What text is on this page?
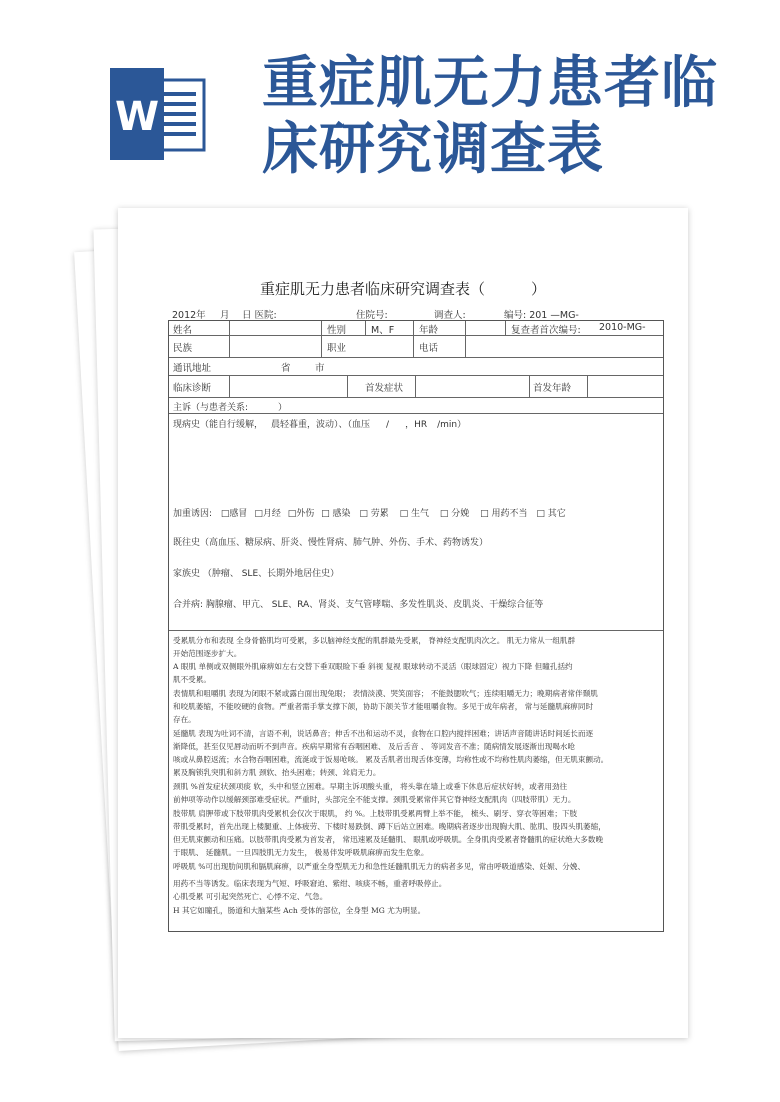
W
重症肌无力患者临
床研究调查表
重症肌无力患者临床研究调查表（	）
2012年 月 日 医院:	住院号:	调查人:	编号: 201 —MG-
姓名	性别	M、F	年龄	复查者首次编号: 2010-MG-
民族	职业	电话
通讯地址	省	市
临床诊断	首发症状	首发年龄
主诉（与患者关系:	）
现病史（能自行缓解， 晨轻暮重，波动）、（血压 / ，HR /min）
加重诱因: □感冒 □月经 □外伤 □ 感染 □ 劳累 □ 生气 □ 分娩 □ 用药不当 □ 其它
既往史（高血压、糖尿病、肝炎、慢性肾病、肺气肿、外伤、手术、药物诱发）
家族史 （肿瘤、 SLE、长期外地居住史）
合并病: 胸腺瘤、甲亢、 SLE、RA、肾炎、支气管哮喘、多发性肌炎、皮肌炎、干燥综合征等
受累肌分布和表现 全身骨骼肌均可受累，多以脑神经支配的肌群最先受累， 脊神经支配肌肉次之。 肌无力常从一组肌群
开始范围逐步扩大。
A 眼肌 单侧或双侧眼外肌麻痹如左右交替下垂双眼睑下垂 斜视 复视 眼球转动不灵活（眼球固定）视力下降 但瞳孔括约
肌不受累。
表情肌和咀嚼肌 表现为闭眼不紧或露白面出现兔眼； 表情淡漠、哭笑面容； 不能鼓腮吹气；连续咀嚼无力；晚期病者常伴颞肌
和咬肌萎缩，不能咬硬的食物。严重者需手掌支撑下颌，协助下颌关节才能咀嚼食物。多见于成年病者， 常与延髓肌麻痹同时
存在。
延髓肌 表现为吐词不清，言语不利，说话鼻音；伸舌不出和运动不灵，食物在口腔内搅拌困难；讲话声音随讲话时间延长而逐
渐降低，甚至仅见唇动而听不到声音。疾病早期常有吞咽困难、 及后舌音 、 等词发音不准；随病情发展逐渐出现喝水呛
咳或从鼻腔返流；水合物吞咽困难，流涎或于饭易呛咳。 累及舌肌者出现舌体变薄，均称性或不均称性肌肉萎缩，但无肌束颤动。
累及胸锁乳突肌和斜方肌 颈软、抬头困难；转颈、耸肩无力。
颈肌 %首发症状颈项痰 软，头中和竖立困难。早期主诉项酸头重， 将头靠在墙上或垂下休息后症状好转，或者用劲往
前伸项等动作以缓解颈部难受症状。严重时，头部完全不能支撑。颈肌受累常伴其它脊神经支配肌肉（四肢带肌）无力。
肢带肌 肩胛带或下肢带肌肉受累机会仅次于眼肌， 约 %。上肢带肌受累两臂上举不能， 梳头、刷牙、穿衣等困难；下肢
带肌受累时，首先出现上楼腿重、上体疲劳、下楼时易跌倒、蹲下后站立困难。晚期病者逐步出现胸大肌、肱肌、股四头肌萎缩，
但无肌束颤动和压痛。以肢带肌肉受累为首发者， 常迅速累及延髓肌、 眼肌或呼吸肌。全身肌肉受累者脊髓肌的症状绝大多数晚
于眼肌、 延髓肌。一旦四肢肌无力发生， 极易伴发呼吸肌麻痹而发生危象。
呼吸肌 %可出现肋间肌和膈肌麻痹，以严重全身型肌无力和急性延髓肌肌无力的病者多见，常由呼吸道感染、妊娠、分娩、
用药不当等诱发。临床表现为气短、呼吸窘迫、紫绀、咳痰不畅，重者呼吸停止。
心肌受累 可引起突然死亡、心悸不定、气急。
H 其它如瞳孔，肠道和大脑某些 Ach 受体的部位，全身型 MG 尤为明显。
